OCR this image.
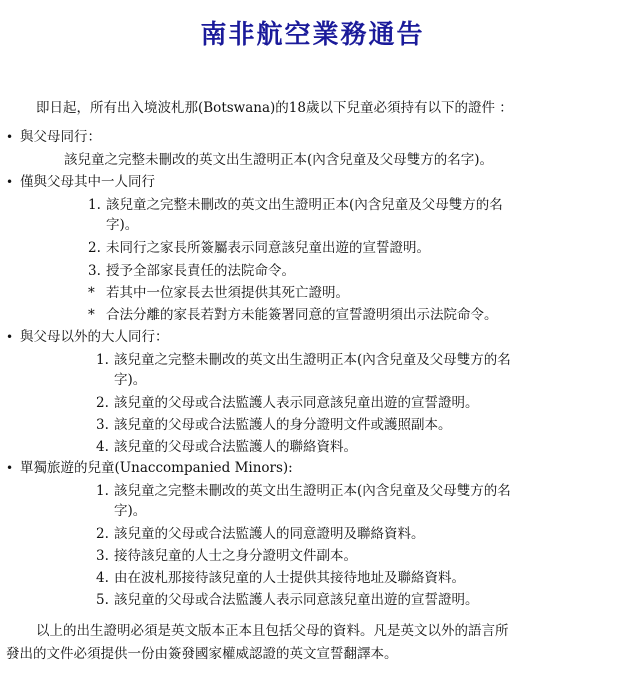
南非航空業務通告
即日起，所有出入境波札那(Botswana)的18歲以下兒童必須持有以下的證件 ：
• 與父母同行：
該兒童之完整未刪改的英文出生證明正本(內含兒童及父母雙方的名字)。
• 僅與父母其中一人同行
1. 該兒童之完整未刪改的英文出生證明正本(內含兒童及父母雙方的名
字)。
2. 未同行之家長所簽屬表示同意該兒童出遊的宣誓證明。
3. 授予全部家長責任的法院命令。
* 若其中一位家長去世須提供其死亡證明。
* 合法分離的家長若對方未能簽署同意的宣誓證明須出示法院命令。
• 與父母以外的大人同行：
1. 該兒童之完整未刪改的英文出生證明正本(內含兒童及父母雙方的名
字)。
2. 該兒童的父母或合法監護人表示同意該兒童出遊的宣誓證明。
3. 該兒童的父母或合法監護人的身分證明文件或護照副本。
4. 該兒童的父母或合法監護人的聯絡資料。
• 單獨旅遊的兒童(Unaccompanied Minors):
1. 該兒童之完整未刪改的英文出生證明正本(內含兒童及父母雙方的名
字)。
2. 該兒童的父母或合法監護人的同意證明及聯絡資料。
3. 接待該兒童的人士之身分證明文件副本。
4. 由在波札那接待該兒童的人士提供其接待地址及聯絡資料。
5. 該兒童的父母或合法監護人表示同意該兒童出遊的宣誓證明。
以上的出生證明必須是英文版本正本且包括父母的資料。凡是英文以外的語言所
發出的文件必須提供一份由簽發國家權威認證的英文宣誓翻譯本。
